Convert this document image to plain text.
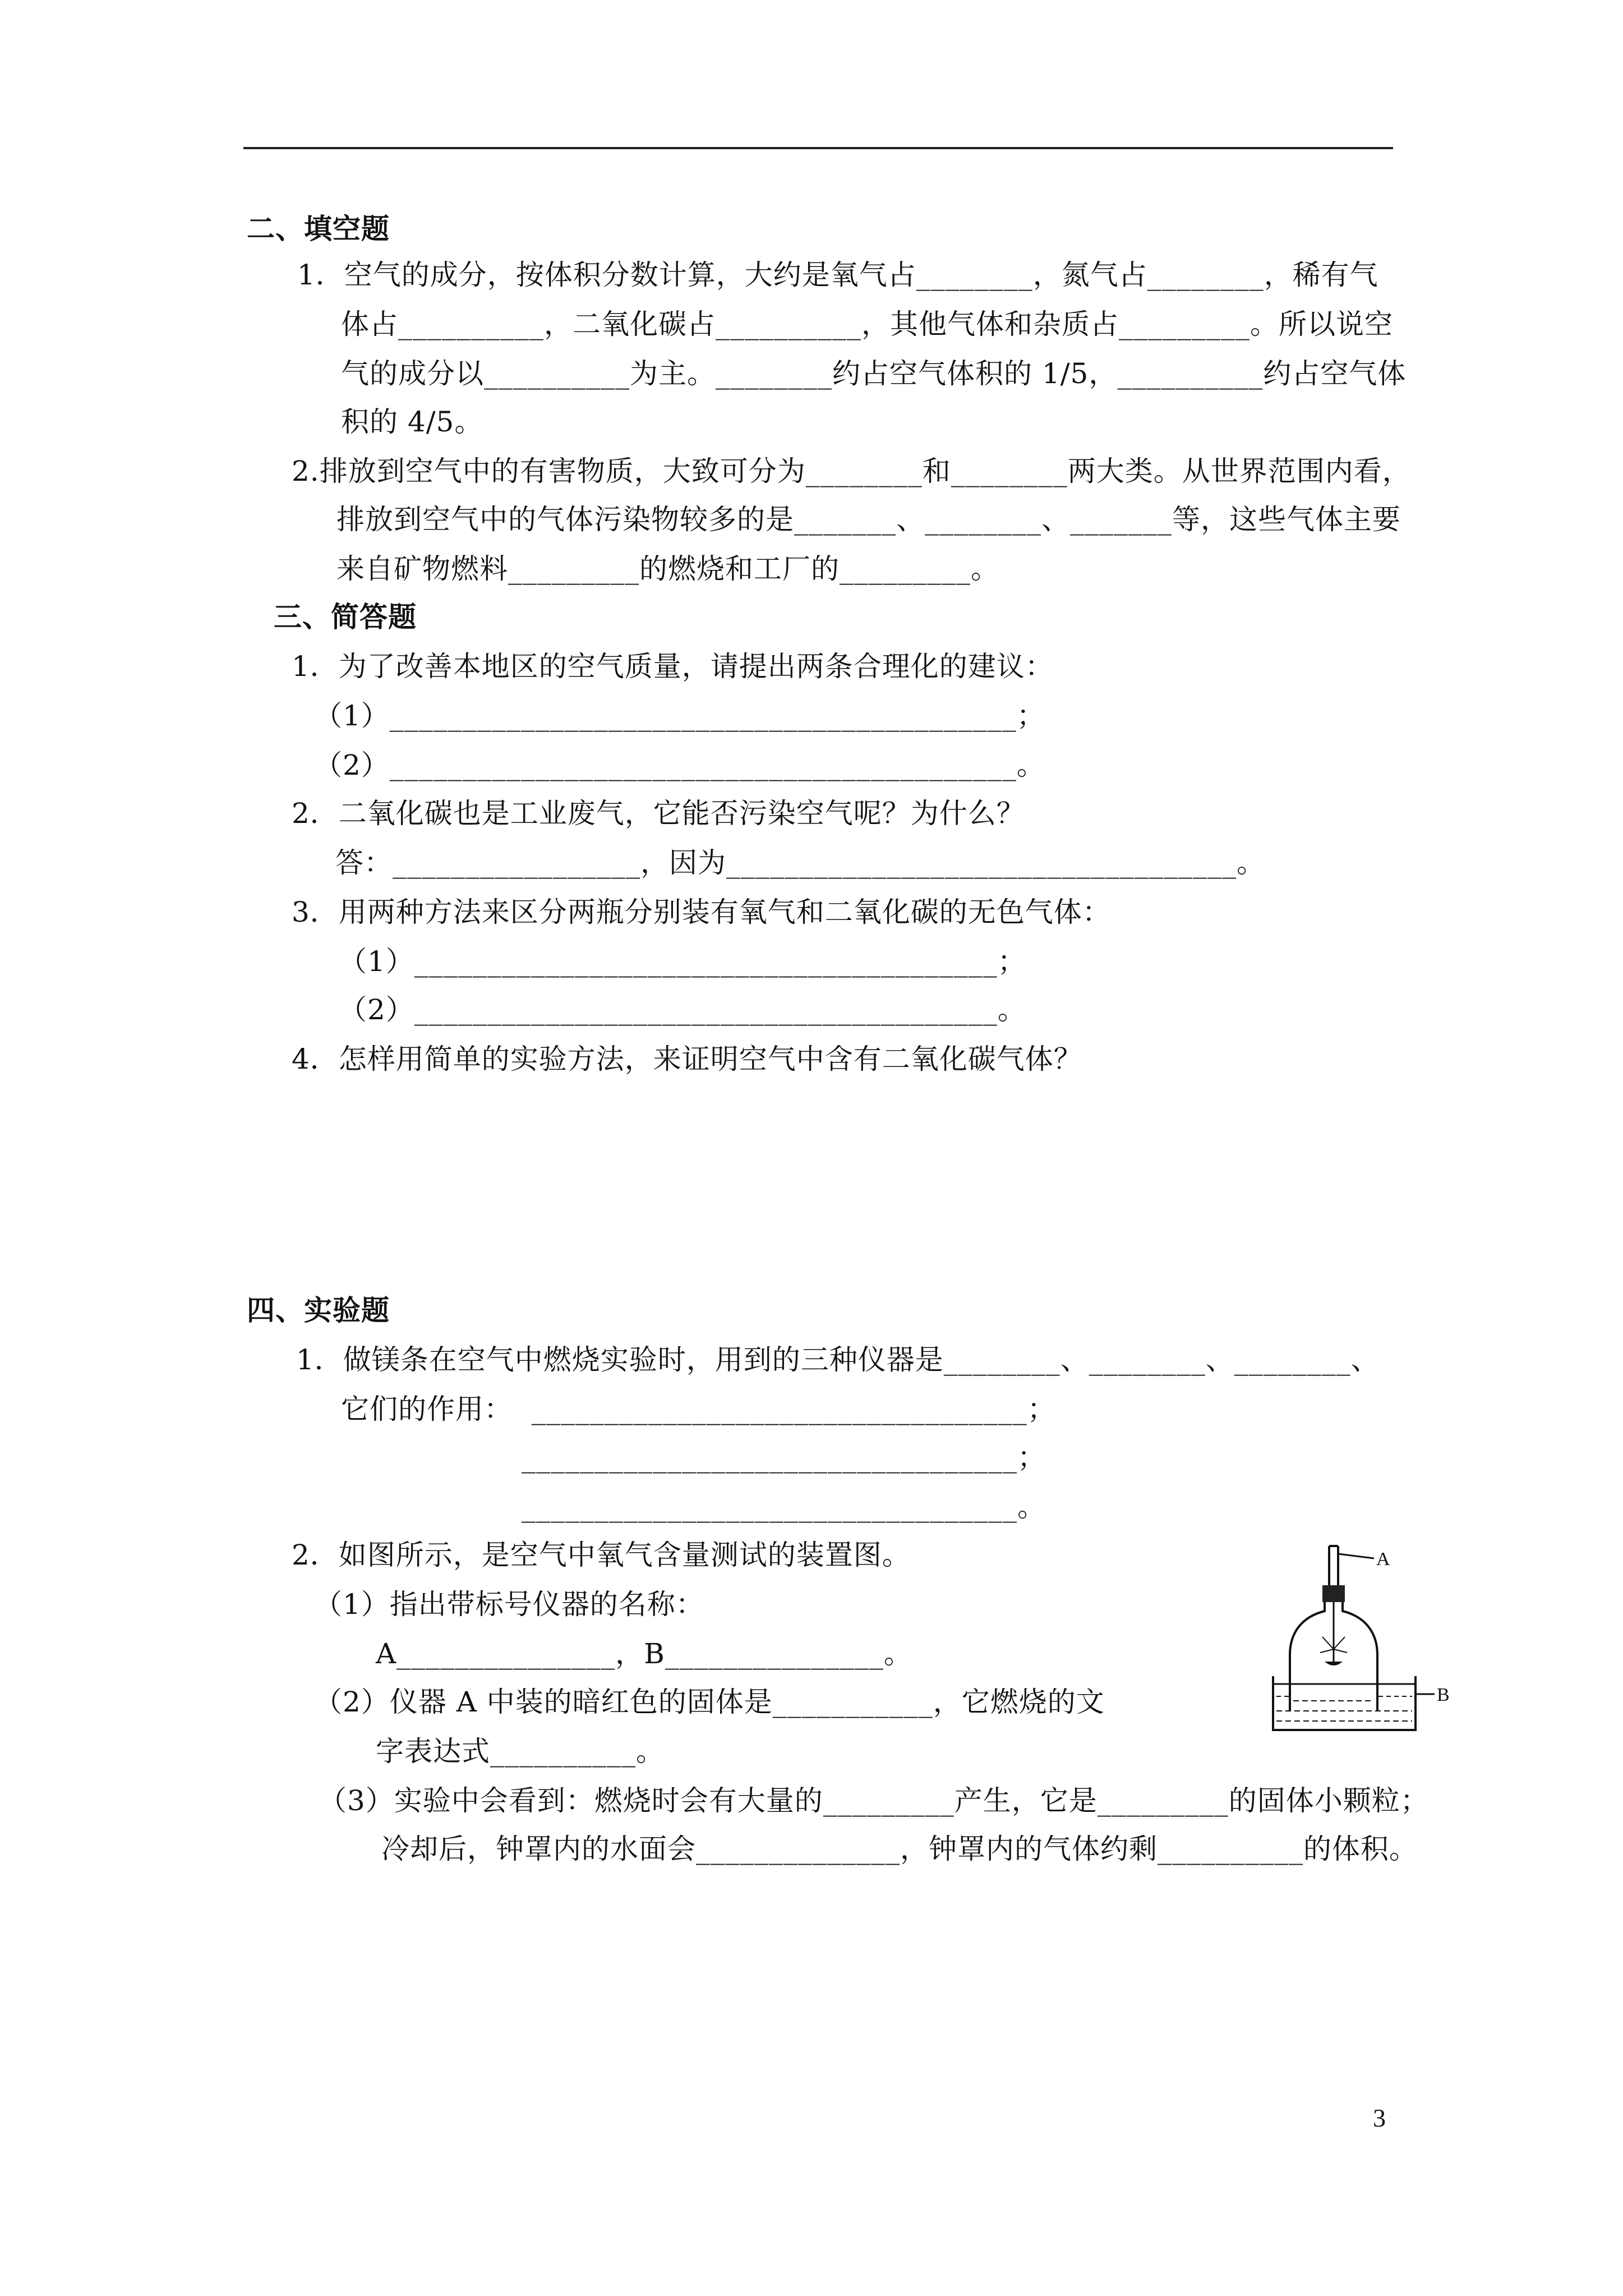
二、填空题
1．空气的成分，按体积分数计算，大约是氧气占________，氮气占________，稀有气
体占__________，二氧化碳占__________，其他气体和杂质占_________。所以说空
气的成分以__________为主。________约占空气体积的 1/5，__________约占空气体
积的 4/5。
2.排放到空气中的有害物质，大致可分为________和________两大类。从世界范围内看，
排放到空气中的气体污染物较多的是_______、________、_______等，这些气体主要
来自矿物燃料_________的燃烧和工厂的_________。
三、简答题
1．为了改善本地区的空气质量，请提出两条合理化的建议：
（1）___________________________________________；
（2）___________________________________________。
2．二氧化碳也是工业废气，它能否污染空气呢？为什么？
答：_________________，因为___________________________________。
3．用两种方法来区分两瓶分别装有氧气和二氧化碳的无色气体：
（1）________________________________________；
（2）________________________________________。
4．怎样用简单的实验方法，来证明空气中含有二氧化碳气体？
四、实验题
1．做镁条在空气中燃烧实验时，用到的三种仪器是________、________、________、
它们的作用：  __________________________________；
__________________________________；
__________________________________。
2．如图所示，是空气中氧气含量测试的装置图。
（1）指出带标号仪器的名称：
A_______________，B_______________。
（2）仪器 A 中装的暗红色的固体是___________，它燃烧的文
字表达式__________。
（3）实验中会看到：燃烧时会有大量的_________产生，它是_________的固体小颗粒；
冷却后，钟罩内的水面会______________，钟罩内的气体约剩__________的体积。
A
B
3
